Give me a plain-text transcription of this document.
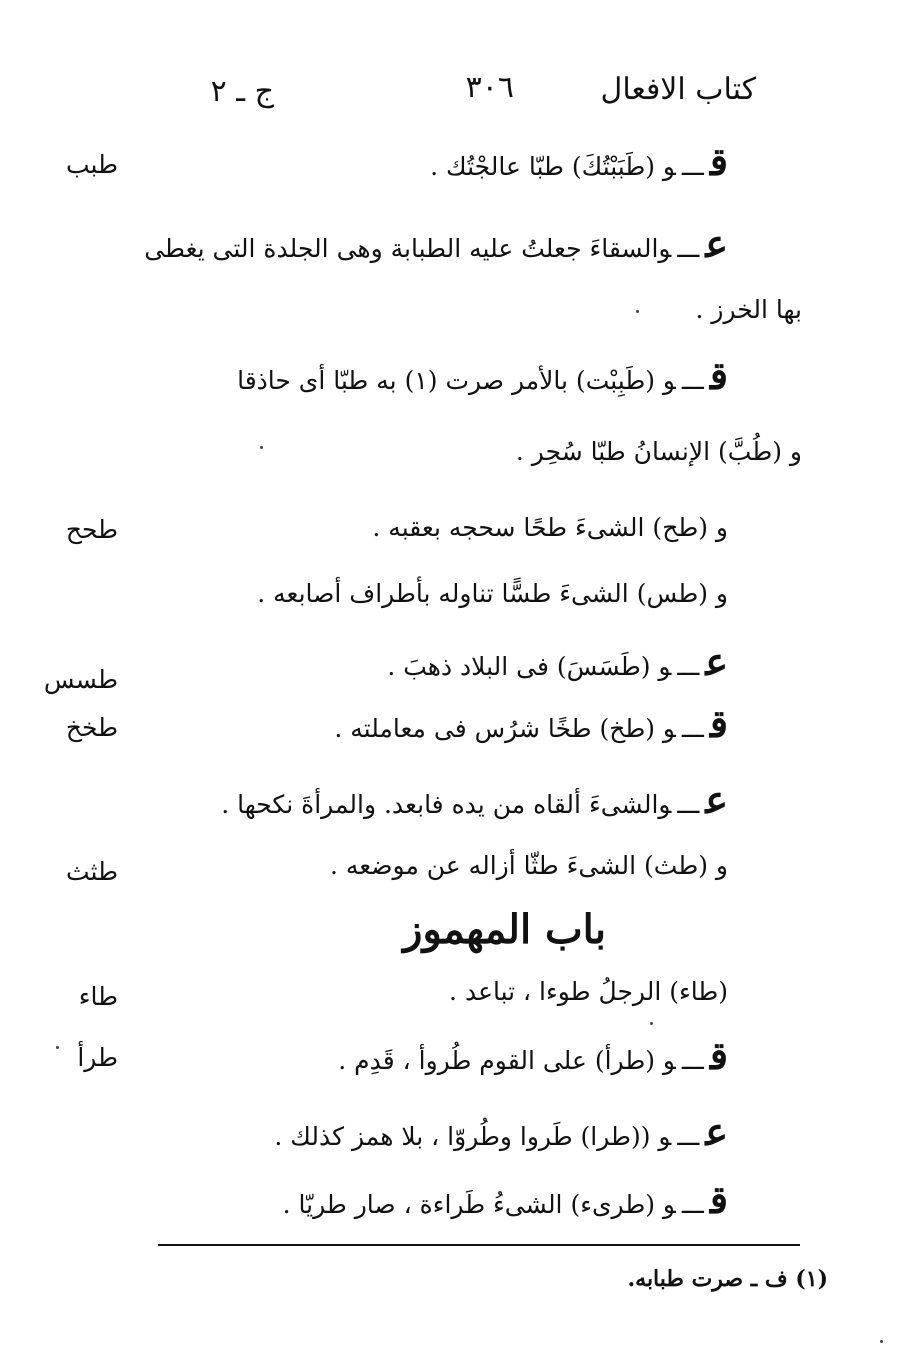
كتاب الافعال
٣٠٦
ج ـ ٢
طبب
طحح
طسس
طخخ
طثث
طاء
طرأ
قـــو (طَبَبْتُكَ) طبّا عالجْتُك .
عـــوالسقاءَ جعلتُ عليه الطبابة وهى الجلدة التى يغطى
بها الخرز .
قـــو (طَبِبْت) بالأمر صرت (١) به طبّا أى حاذقا
و (طُبَّ) الإنسانُ طبّا سُحِر .
و (طح) الشىءَ طحًا سحجه بعقبه .
و (طس) الشىءَ طسًّا تناوله بأطراف أصابعه .
عـــو (طَسَسَ) فى البلاد ذهبَ .
قـــو (طخ) طخًا شرُس فى معاملته .
عـــوالشىءَ ألقاه من يده فابعد. والمرأةَ نكحها .
و (طث) الشىءَ طثّا أزاله عن موضعه .
باب المهموز
(طاء) الرجلُ طوءا ، تباعد .
قـــو (طرأ) على القوم طُروأ ، قَدِم .
عـــو ((طرا) طَروا وطُروّا ، بلا همز كذلك .
قـــو (طرىء) الشىءُ طَراءة ، صار طريّا .
(١) ف ـ صرت طبابه.
